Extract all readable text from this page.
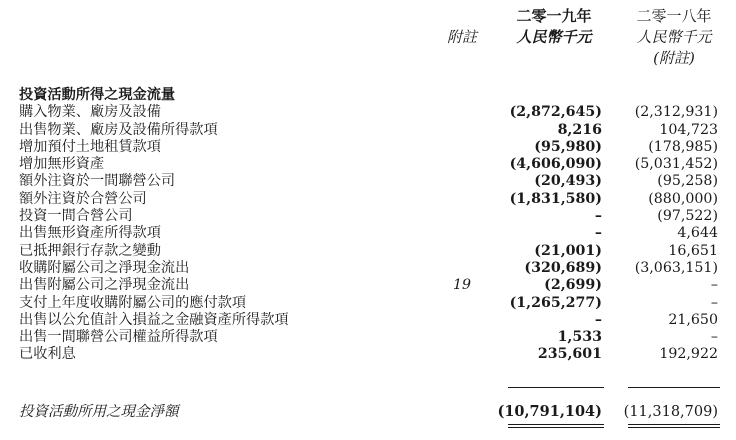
附註
二零一九年
人民幣千元
二零一八年
人民幣千元
(附註)
投資活動所得之現金流量
購入物業、廠房及設備	(2,872,645) (2,312,931)
出售物業、廠房及設備所得款項	8,216	104,723
增加預付土地租賃款項	(95,980)	(178,985)
增加無形資產	(4,606,090) (5,031,452)
額外注資於一間聯營公司	(20,493)	(95,258)
額外注資於合營公司	(1,831,580)	(880,000)
投資一間合營公司	–	(97,522)
出售無形資產所得款項	–	4,644
已抵押銀行存款之變動	(21,001)	16,651
收購附屬公司之淨現金流出	(320,689) (3,063,151)
出售附屬公司之淨現金流出	19	(2,699)	–
支付上年度收購附屬公司的應付款項	(1,265,277)	–
出售以公允值計入損益之金融資產所得款項	–	21,650
出售一間聯營公司權益所得款項	1,533	–
已收利息	235,601	192,922
投資活動所用之現金淨額	(10,791,104) (11,318,709)
